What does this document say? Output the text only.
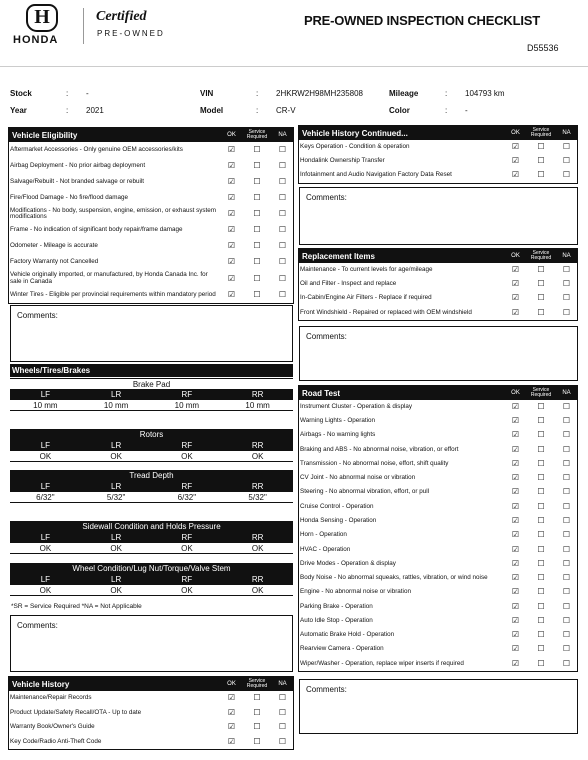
H
HONDA
Certified
PRE-OWNED
PRE-OWNED INSPECTION CHECKLIST
D55536
Stock	: -
Year	: 2021
VIN	: 2HKRW2H98MH235808
Model	: CR-V
Mileage	: 104793 km
Color	: -
Vehicle Eligibility	OK	Service Required	NA
Aftermarket Accessories - Only genuine OEM accessories/kits	☑	☐	☐
Airbag Deployment - No prior airbag deployment	☑	☐	☐
Salvage/Rebuilt - Not branded salvage or rebuilt	☑	☐	☐
Fire/Flood Damage - No fire/flood damage	☑	☐	☐
Modifications - No body, suspension, engine, emission, or exhaust system modifications	☑	☐	☐
Frame - No indication of significant body repair/frame damage	☑	☐	☐
Odometer - Mileage is accurate	☑	☐	☐
Factory Warranty not Cancelled	☑	☐	☐
Vehicle originally imported, or manufactured, by Honda Canada Inc. for sale in Canada	☑	☐	☐
Winter Tires - Eligible per provincial requirements within mandatory period	☑	☐	☐
Comments:
Vehicle History	OK	Service Required	NA
Maintenance/Repair Records	☑	☐	☐
Product Update/Safety Recall/OTA - Up to date	☑	☐	☐
Warranty Book/Owner's Guide	☑	☐	☐
Key Code/Radio Anti-Theft Code	☑	☐	☐
Vehicle History Continued...	OK	Service Required	NA
Keys Operation - Condition & operation	☑	☐	☐
Hondalink Ownership Transfer	☑	☐	☐
Infotainment and Audio Navigation Factory Data Reset	☑	☐	☐
Comments:
Replacement Items	OK	Service Required	NA
Maintenance - To current levels for age/mileage	☑	☐	☐
Oil and Filter - Inspect and replace	☑	☐	☐
In-Cabin/Engine Air Filters - Replace if required	☑	☐	☐
Front Windshield - Repaired or replaced with OEM windshield	☑	☐	☐
Comments:
Road Test	OK	Service Required	NA
Instrument Cluster - Operation & display	☑	☐	☐
Warning Lights - Operation	☑	☐	☐
Airbags - No warning lights	☑	☐	☐
Braking and ABS - No abnormal noise, vibration, or effort	☑	☐	☐
Transmission - No abnormal noise, effort, shift quality	☑	☐	☐
CV Joint - No abnormal noise or vibration	☑	☐	☐
Steering - No abnormal vibration, effort, or pull	☑	☐	☐
Cruise Control - Operation	☑	☐	☐
Honda Sensing - Operation	☑	☐	☐
Horn - Operation	☑	☐	☐
HVAC - Operation	☑	☐	☐
Drive Modes - Operation & display	☑	☐	☐
Body Noise - No abnormal squeaks, rattles, vibration, or wind noise	☑	☐	☐
Engine - No abnormal noise or vibration	☑	☐	☐
Parking Brake - Operation	☑	☐	☐
Auto Idle Stop - Operation	☑	☐	☐
Automatic Brake Hold - Operation	☑	☐	☐
Rearview Camera - Operation	☑	☐	☐
Wiper/Washer - Operation, replace wiper inserts if required	☑	☐	☐
Comments:
Wheels/Tires/Brakes
Brake Pad
LF	LR	RF	RR
10 mm	10 mm	10 mm	10 mm
Rotors
LF	LR	RF	RR
OK	OK	OK	OK
Tread Depth
LF	LR	RF	RR
6/32"	5/32"	6/32"	5/32"
Sidewall Condition and Holds Pressure
LF	LR	RF	RR
OK	OK	OK	OK
Wheel Condition/Lug Nut/Torque/Valve Stem
LF	LR	RF	RR
OK	OK	OK	OK
*SR = Service Required *NA = Not Applicable
Comments:
